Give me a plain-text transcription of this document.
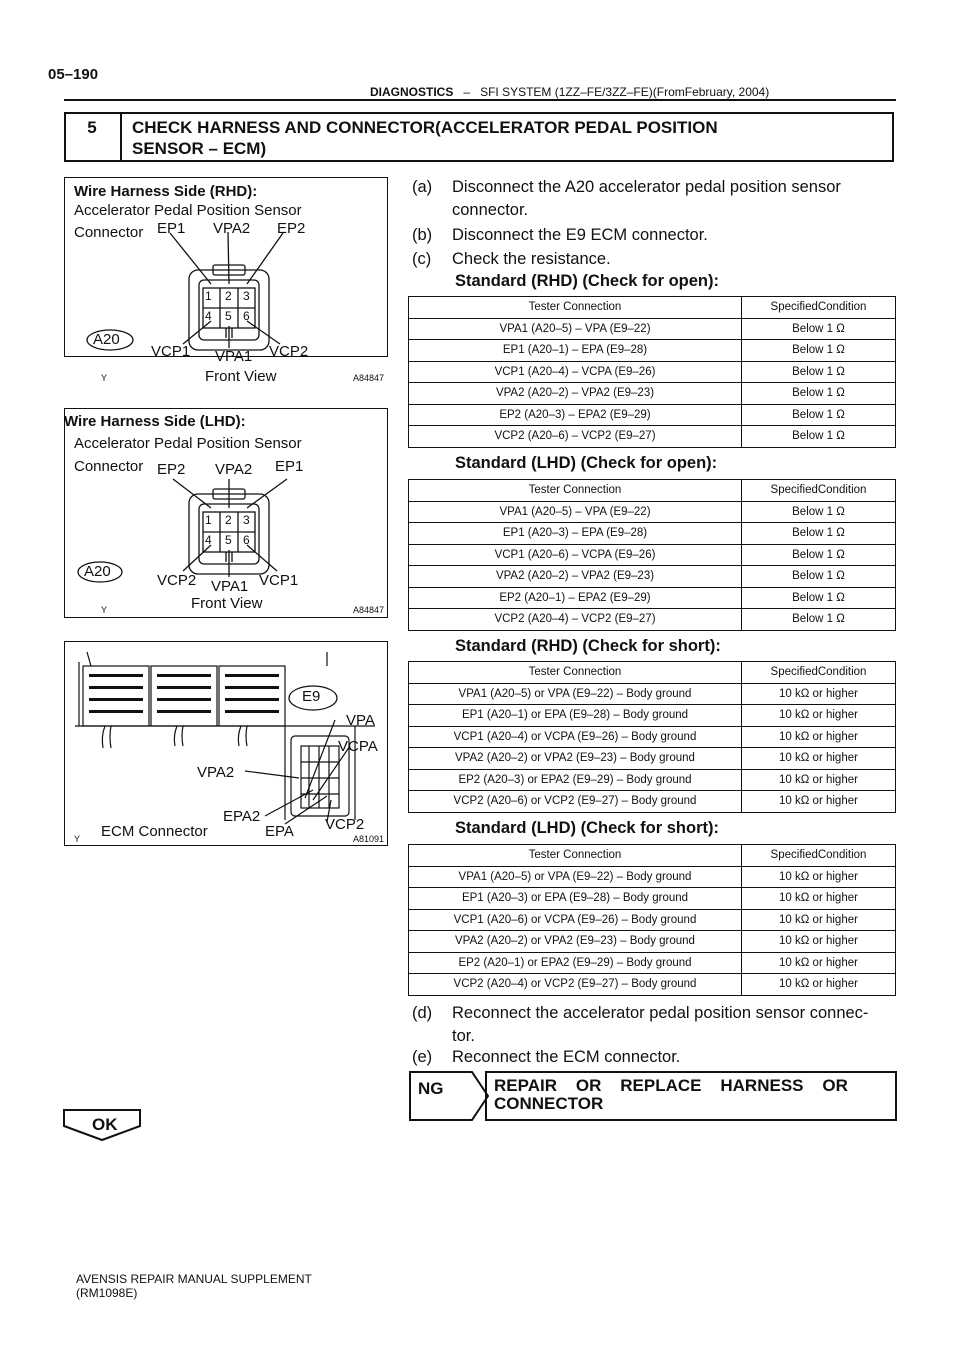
05–190
DIAGNOSTICS – SFI SYSTEM (1ZZ–FE/3ZZ–FE)(FromFebruary, 2004)
5	CHECK HARNESS AND CONNECTOR(ACCELERATOR PEDAL POSITION
SENSOR – ECM)
Wire Harness Side (RHD):
Accelerator Pedal Position Sensor
Connector EP1 VPA2 EP2
1 2 3
4 5 6
VCP1 VPA1 VCP2
A20
Front View
Y	A84847
Wire Harness Side (LHD):
Accelerator Pedal Position Sensor
Connector EP2 VPA2 EP1
1 2 3
4 5 6
VCP2 VPA1 VCP1
A20
Front View
Y	A84847
E9
VPA
VCPA
VPA2
EPA2
EPA VCP2
ECM Connector
Y	A81091
(a) Disconnect the A20 accelerator pedal position sensor
connector.
(b) Disconnect the E9 ECM connector.
(c) Check the resistance.
Standard (RHD) (Check for open):
Tester Connection	SpecifiedCondition
VPA1 (A20–5) – VPA (E9–22)	Below 1 Ω
EP1 (A20–1) – EPA (E9–28)	Below 1 Ω
VCP1 (A20–4) – VCPA (E9–26)	Below 1 Ω
VPA2 (A20–2) – VPA2 (E9–23)	Below 1 Ω
EP2 (A20–3) – EPA2 (E9–29)	Below 1 Ω
VCP2 (A20–6) – VCP2 (E9–27)	Below 1 Ω
Standard (LHD) (Check for open):
Tester Connection	SpecifiedCondition
VPA1 (A20–5) – VPA (E9–22)	Below 1 Ω
EP1 (A20–3) – EPA (E9–28)	Below 1 Ω
VCP1 (A20–6) – VCPA (E9–26)	Below 1 Ω
VPA2 (A20–2) – VPA2 (E9–23)	Below 1 Ω
EP2 (A20–1) – EPA2 (E9–29)	Below 1 Ω
VCP2 (A20–4) – VCP2 (E9–27)	Below 1 Ω
Standard (RHD) (Check for short):
Tester Connection	SpecifiedCondition
VPA1 (A20–5) or VPA (E9–22) – Body ground	10 kΩ or higher
EP1 (A20–1) or EPA (E9–28) – Body ground	10 kΩ or higher
VCP1 (A20–4) or VCPA (E9–26) – Body ground	10 kΩ or higher
VPA2 (A20–2) or VPA2 (E9–23) – Body ground	10 kΩ or higher
EP2 (A20–3) or EPA2 (E9–29) – Body ground	10 kΩ or higher
VCP2 (A20–6) or VCP2 (E9–27) – Body ground	10 kΩ or higher
Standard (LHD) (Check for short):
Tester Connection	SpecifiedCondition
VPA1 (A20–5) or VPA (E9–22) – Body ground	10 kΩ or higher
EP1 (A20–3) or EPA (E9–28) – Body ground	10 kΩ or higher
VCP1 (A20–6) or VCPA (E9–26) – Body ground	10 kΩ or higher
VPA2 (A20–2) or VPA2 (E9–23) – Body ground	10 kΩ or higher
EP2 (A20–1) or EPA2 (E9–29) – Body ground	10 kΩ or higher
VCP2 (A20–4) or VCP2 (E9–27) – Body ground	10 kΩ or higher
(d) Reconnect the accelerator pedal position sensor connec-
tor.
(e) Reconnect the ECM connector.
NG	REPAIR    OR    REPLACE    HARNESS    OR
CONNECTOR
OK
AVENSIS REPAIR MANUAL SUPPLEMENT
(RM1098E)
